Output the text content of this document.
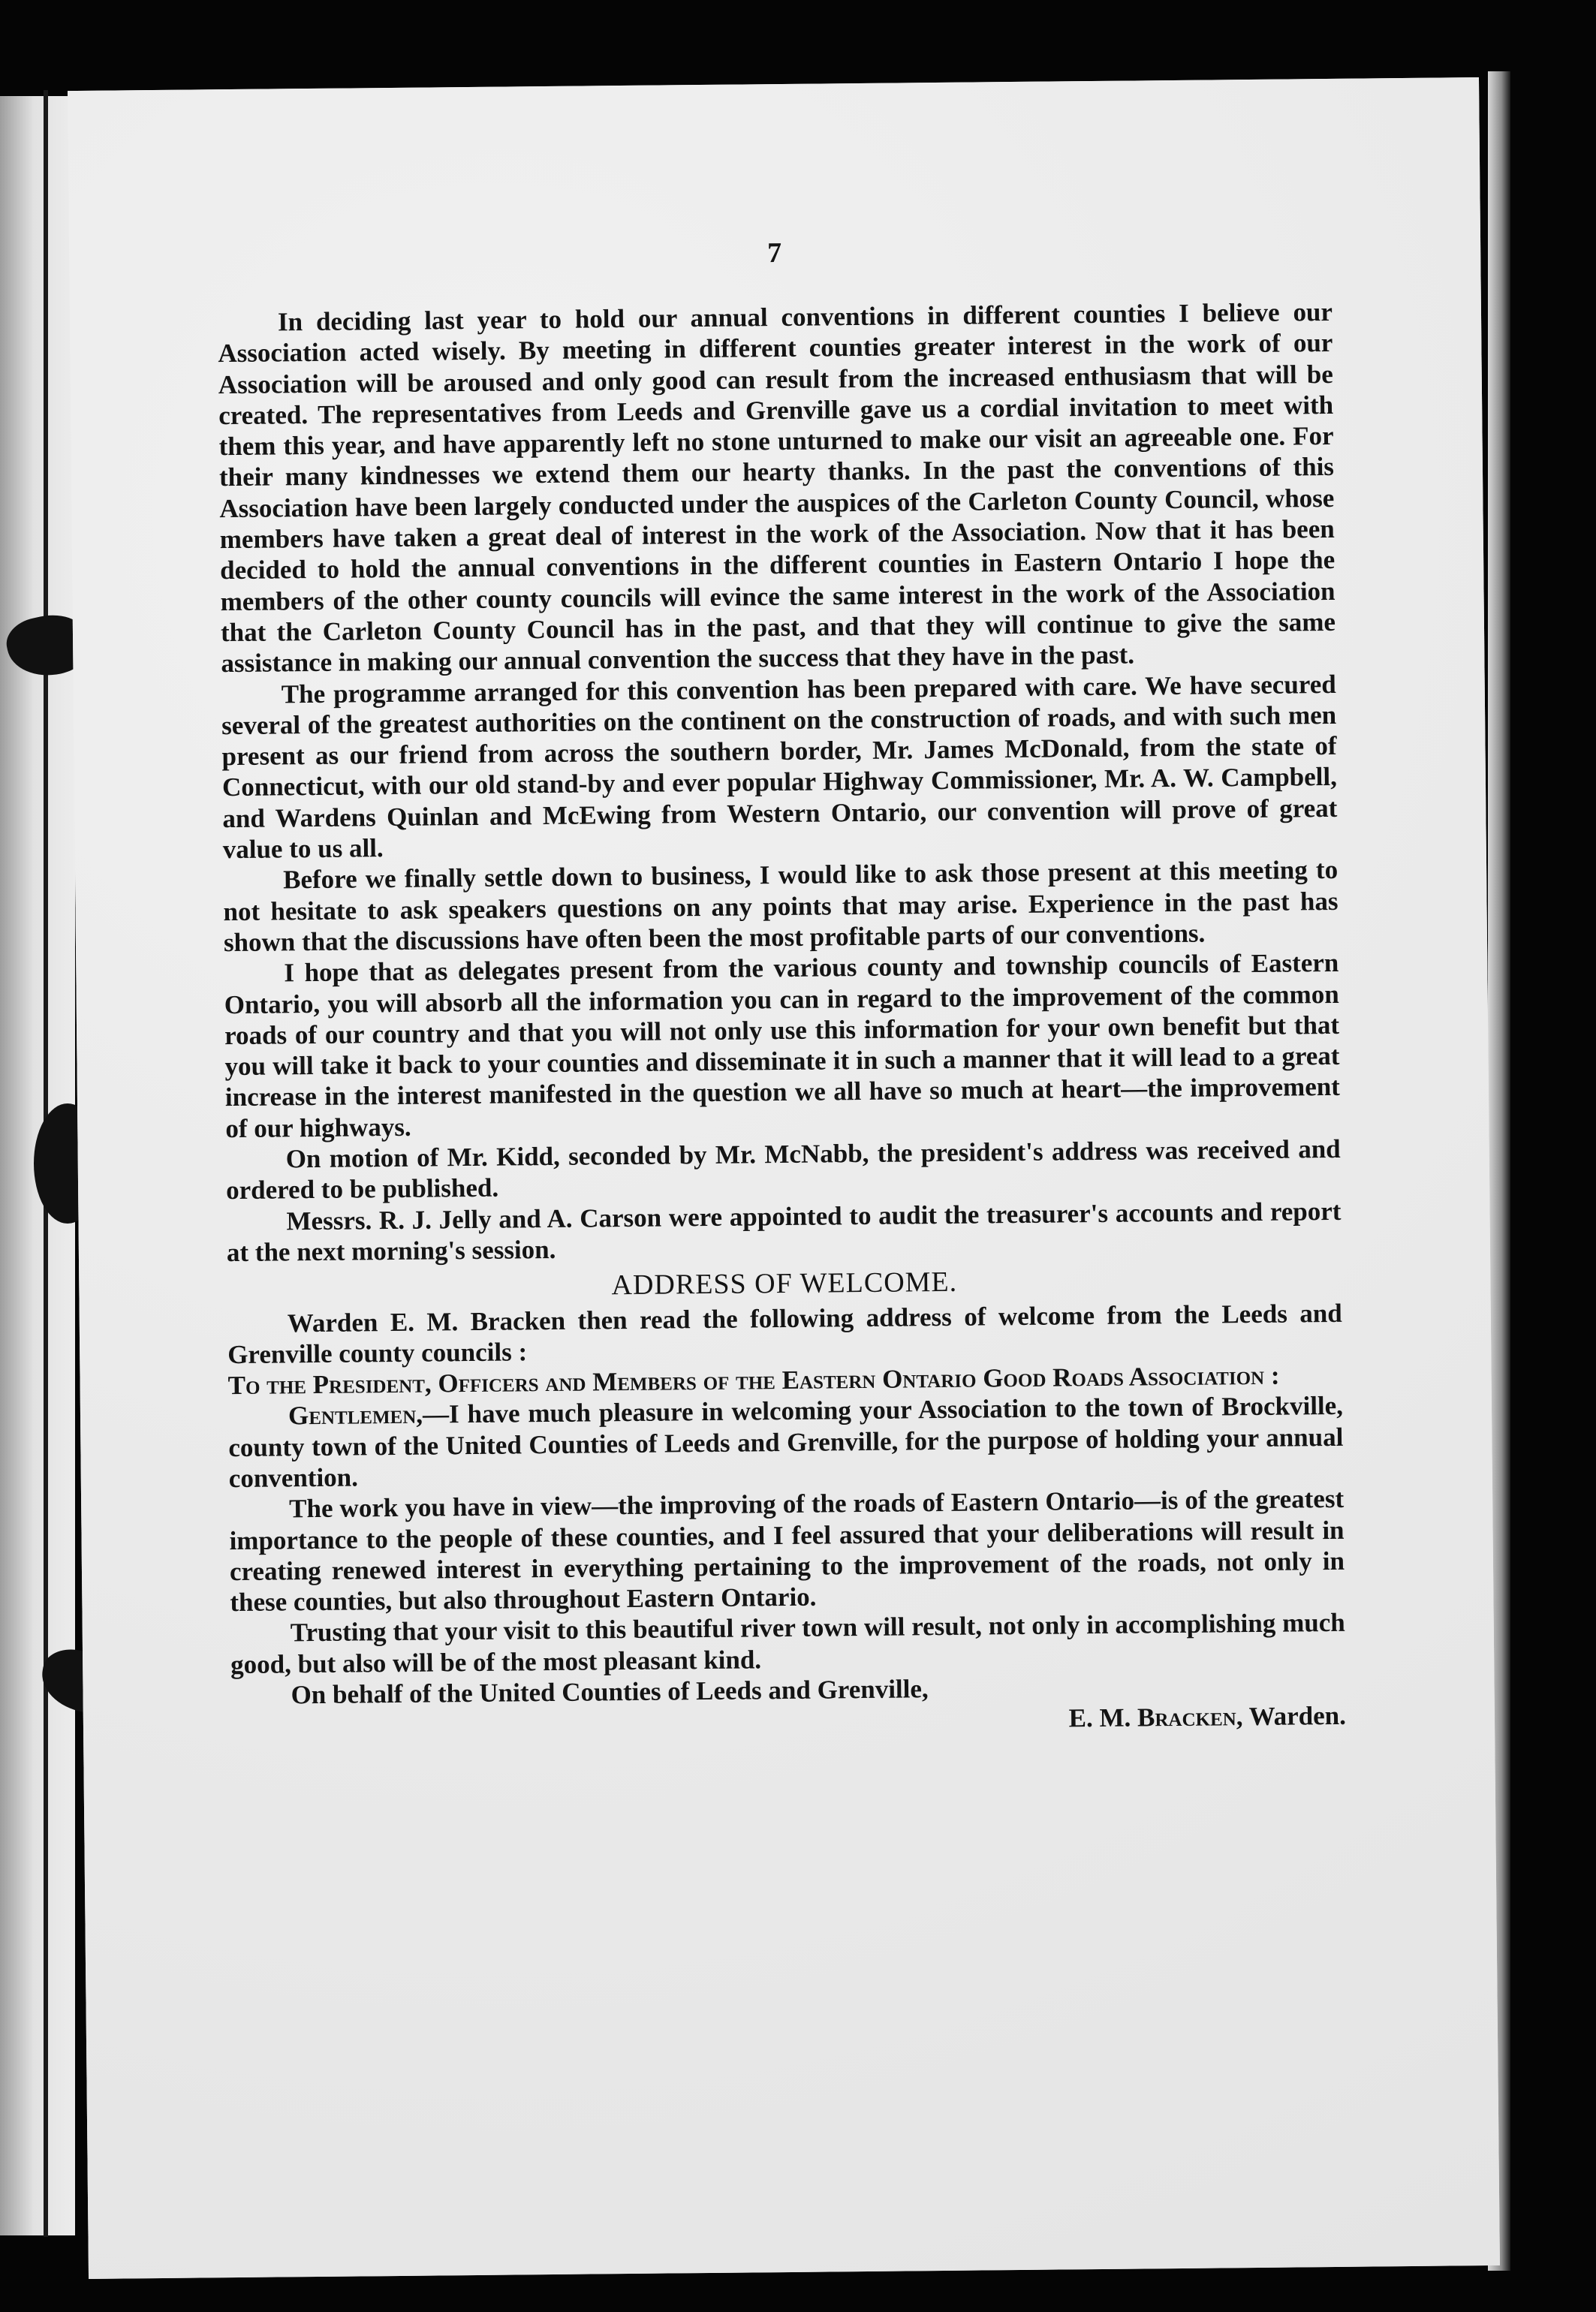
7

In deciding last year to hold our annual conventions in different counties I believe our Association acted wisely. By meeting in different counties greater interest in the work of our Association will be aroused and only good can result from the increased enthusiasm that will be created. The representatives from Leeds and Grenville gave us a cordial invitation to meet with them this year, and have apparently left no stone unturned to make our visit an agreeable one. For their many kindnesses we extend them our hearty thanks. In the past the conventions of this Association have been largely conducted under the auspices of the Carleton County Council, whose members have taken a great deal of interest in the work of the Association. Now that it has been decided to hold the annual conventions in the different counties in Eastern Ontario I hope the members of the other county councils will evince the same interest in the work of the Association that the Carleton County Council has in the past, and that they will continue to give the same assistance in making our annual convention the success that they have in the past.

The programme arranged for this convention has been prepared with care. We have secured several of the greatest authorities on the continent on the construction of roads, and with such men present as our friend from across the southern border, Mr. James McDonald, from the state of Connecticut, with our old stand-by and ever popular Highway Commissioner, Mr. A. W. Campbell, and Wardens Quinlan and McEwing from Western Ontario, our convention will prove of great value to us all.

Before we finally settle down to business, I would like to ask those present at this meeting to not hesitate to ask speakers questions on any points that may arise. Experience in the past has shown that the discussions have often been the most profitable parts of our conventions.

I hope that as delegates present from the various county and township councils of Eastern Ontario, you will absorb all the information you can in regard to the improvement of the common roads of our country and that you will not only use this information for your own benefit but that you will take it back to your counties and disseminate it in such a manner that it will lead to a great increase in the interest manifested in the question we all have so much at heart—the improvement of our highways.

On motion of Mr. Kidd, seconded by Mr. McNabb, the president's address was received and ordered to be published.

Messrs. R. J. Jelly and A. Carson were appointed to audit the treasurer's accounts and report at the next morning's session.

ADDRESS OF WELCOME.

Warden E. M. Bracken then read the following address of welcome from the Leeds and Grenville county councils :

To the President, Officers and Members of the Eastern Ontario Good Roads Association :

Gentlemen,—I have much pleasure in welcoming your Association to the town of Brockville, county town of the United Counties of Leeds and Grenville, for the purpose of holding your annual convention.

The work you have in view—the improving of the roads of Eastern Ontario—is of the greatest importance to the people of these counties, and I feel assured that your deliberations will result in creating renewed interest in everything pertaining to the improvement of the roads, not only in these counties, but also throughout Eastern Ontario.

Trusting that your visit to this beautiful river town will result, not only in accomplishing much good, but also will be of the most pleasant kind.

On behalf of the United Counties of Leeds and Grenville,

E. M. Bracken, Warden.
